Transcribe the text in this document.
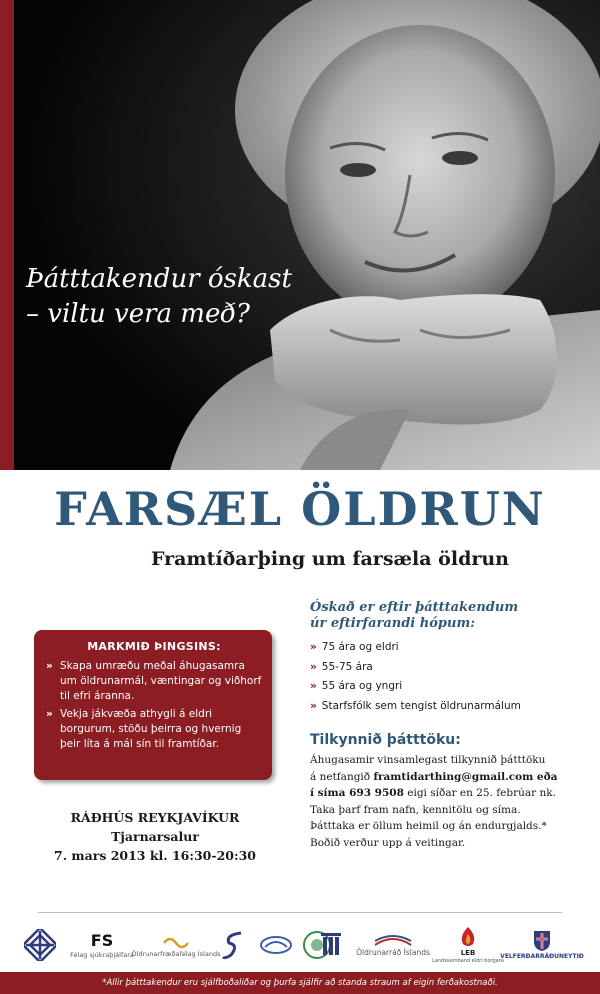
Þátttakendur óskast
– viltu vera með?
FARSÆL ÖLDRUN
Framtíðarþing um farsæla öldrun
MARKMIÐ ÞINGSINS:
» Skapa umræðu meðal áhugasamra um öldrunarmál, væntingar og viðhorf til efri áranna.
» Vekja jákvæða athygli á eldri borgurum, stöðu þeirra og hvernig þeir líta á mál sín til framtíðar.
RÁÐHÚS REYKJAVÍKUR
Tjarnarsalur
7. mars 2013 kl. 16:30-20:30
Óskað er eftir þátttakendum
úr eftirfarandi hópum:
» 75 ára og eldri
» 55-75 ára
» 55 ára og yngri
» Starfsfólk sem tengist öldrunarmálum
Tilkynnið þátttöku:
Áhugasamir vinsamlegast tilkynnið þátttöku
á netfangið framtidarthing@gmail.com eða
í síma 693 9508 eigi síðar en 25. febrúar nk.
Taka þarf fram nafn, kennitölu og síma.
Þátttaka er öllum heimil og án endurgjalds.*
Boðið verður upp á veitingar.
FS
Félag sjúkraþjálfara
Öldrunarfræðafélag Íslands	Öldrunarráð Íslands	LEB
Landssamband eldri borgara
VELFERÐARRÁÐUNEYTIÐ
*Allir þátttakendur eru sjálfboðaliðar og þurfa sjálfir að standa straum af eigin ferðakostnaði.
